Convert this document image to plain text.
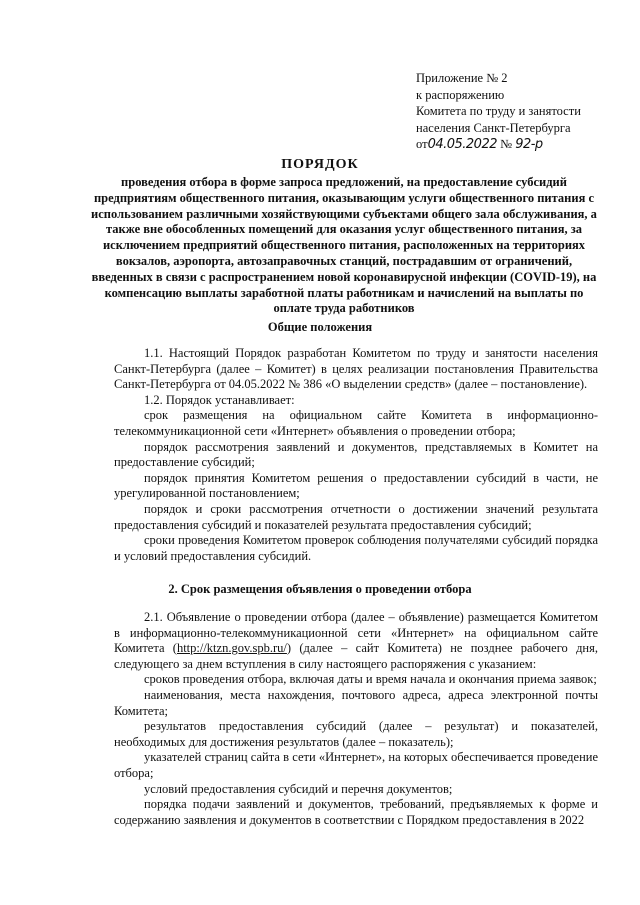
Приложение № 2
к распоряжению
Комитета по труду и занятости
населения Санкт-Петербурга
от04.05.2022 № 92-р
ПОРЯДОК
проведения отбора в форме запроса предложений, на предоставление субсидий предприятиям общественного питания, оказывающим услуги общественного питания с использованием различными хозяйствующими субъектами общего зала обслуживания, а также вне обособленных помещений для оказания услуг общественного питания, за исключением предприятий общественного питания, расположенных на территориях вокзалов, аэропорта, автозаправочных станций, пострадавшим от ограничений, введенных в связи с распространением новой коронавирусной инфекции (COVID-19), на компенсацию выплаты заработной платы работникам и начислений на выплаты по оплате труда работников
Общие положения

1.1. Настоящий Порядок разработан Комитетом по труду и занятости населения Санкт-Петербурга (далее – Комитет) в целях реализации постановления Правительства Санкт-Петербурга от 04.05.2022 № 386 «О выделении средств» (далее – постановление).

1.2. Порядок устанавливает:

срок размещения на официальном сайте Комитета в информационно-телекоммуникационной сети «Интернет» объявления о проведении отбора;

порядок рассмотрения заявлений и документов, представляемых в Комитет на предоставление субсидий;

порядок принятия Комитетом решения о предоставлении субсидий в части, не урегулированной постановлением;

порядок и сроки рассмотрения отчетности о достижении значений результата предоставления субсидий и показателей результата предоставления субсидий;

сроки проведения Комитетом проверок соблюдения получателями субсидий порядка и условий предоставления субсидий.

2. Срок размещения объявления о проведении отбора

2.1. Объявление о проведении отбора (далее – объявление) размещается Комитетом в информационно-телекоммуникационной сети «Интернет» на официальном сайте Комитета (http://ktzn.gov.spb.ru/) (далее – сайт Комитета) не позднее рабочего дня, следующего за днем вступления в силу настоящего распоряжения с указанием:

сроков проведения отбора, включая даты и время начала и окончания приема заявок;

наименования, места нахождения, почтового адреса, адреса электронной почты Комитета;

результатов предоставления субсидий (далее – результат) и показателей, необходимых для достижения результатов (далее – показатель);

указателей страниц сайта в сети «Интернет», на которых обеспечивается проведение отбора;

условий предоставления субсидий и перечня документов;

порядка подачи заявлений и документов, требований, предъявляемых к форме и содержанию заявления и документов в соответствии с Порядком предоставления в 2022
